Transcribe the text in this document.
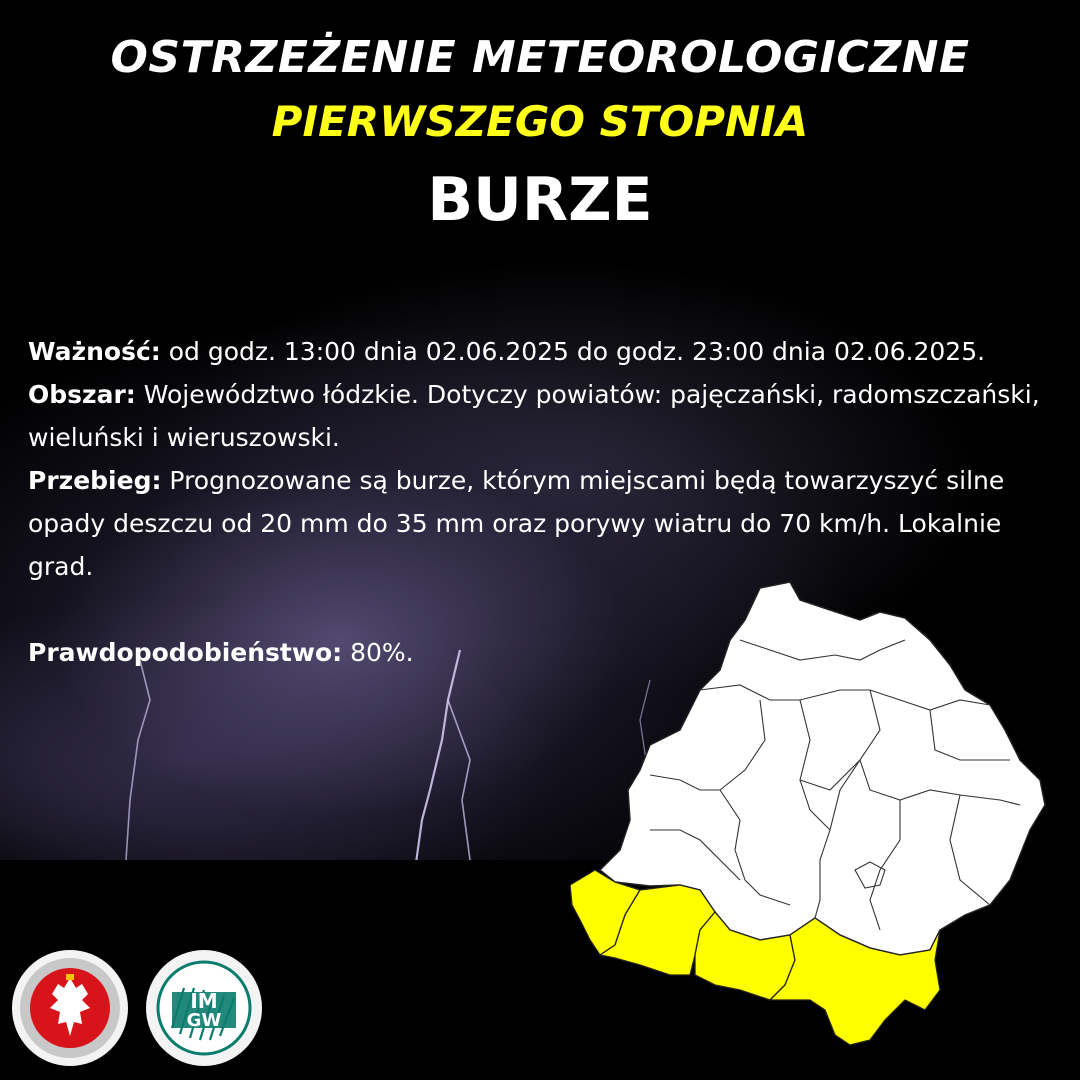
OSTRZEŻENIE METEOROLOGICZNE
PIERWSZEGO STOPNIA
BURZE

Ważność: od godz. 13:00 dnia 02.06.2025 do godz. 23:00 dnia 02.06.2025.

Obszar: Województwo łódzkie. Dotyczy powiatów: pajęczański, radomszczański, wieluński i wieruszowski.

Przebieg: Prognozowane są burze, którym miejscami będą towarzyszyć silne opady deszczu od 20 mm do 35 mm oraz porywy wiatru do 70 km/h. Lokalnie grad.

Prawdopodobieństwo: 80%.

IM
GW
